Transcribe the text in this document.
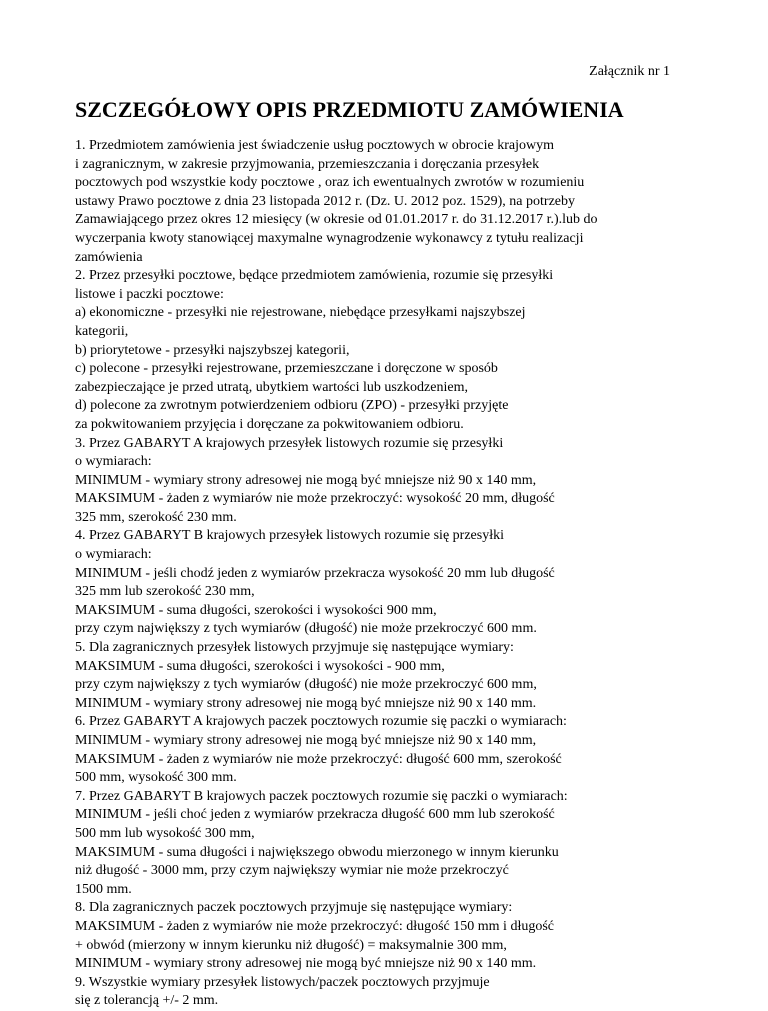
Załącznik nr 1
SZCZEGÓŁOWY OPIS PRZEDMIOTU ZAMÓWIENIA
1. Przedmiotem zamówienia jest świadczenie usług pocztowych w obrocie krajowym
i zagranicznym, w zakresie przyjmowania, przemieszczania i doręczania przesyłek
pocztowych pod wszystkie kody pocztowe , oraz ich ewentualnych zwrotów w rozumieniu
ustawy Prawo pocztowe z dnia 23 listopada 2012 r. (Dz. U. 2012 poz. 1529), na potrzeby
Zamawiającego przez okres 12 miesięcy (w okresie od 01.01.2017 r. do 31.12.2017 r.).lub do
wyczerpania kwoty stanowiącej maxymalne wynagrodzenie wykonawcy z tytułu realizacji
zamówienia
2. Przez przesyłki pocztowe, będące przedmiotem zamówienia, rozumie się przesyłki
listowe i paczki pocztowe:
a) ekonomiczne - przesyłki nie rejestrowane, niebędące przesyłkami najszybszej
kategorii,
b) priorytetowe - przesyłki najszybszej kategorii,
c) polecone - przesyłki rejestrowane, przemieszczane i doręczone w sposób
zabezpieczające je przed utratą, ubytkiem wartości lub uszkodzeniem,
d) polecone za zwrotnym potwierdzeniem odbioru (ZPO) - przesyłki przyjęte
za pokwitowaniem przyjęcia i doręczane za pokwitowaniem odbioru.
3. Przez GABARYT A krajowych przesyłek listowych rozumie się przesyłki
o wymiarach:
MINIMUM - wymiary strony adresowej nie mogą być mniejsze niż 90 x 140 mm,
MAKSIMUM - żaden z wymiarów nie może przekroczyć: wysokość 20 mm, długość
325 mm, szerokość 230 mm.
4. Przez GABARYT B krajowych przesyłek listowych rozumie się przesyłki
o wymiarach:
MINIMUM - jeśli chodź jeden z wymiarów przekracza wysokość 20 mm lub długość
325 mm lub szerokość 230 mm,
MAKSIMUM - suma długości, szerokości i wysokości 900 mm,
przy czym największy z tych wymiarów (długość) nie może przekroczyć 600 mm.
5. Dla zagranicznych przesyłek listowych przyjmuje się następujące wymiary:
MAKSIMUM - suma długości, szerokości i wysokości - 900 mm,
przy czym największy z tych wymiarów (długość) nie może przekroczyć 600 mm,
MINIMUM - wymiary strony adresowej nie mogą być mniejsze niż 90 x 140 mm.
6. Przez GABARYT A krajowych paczek pocztowych rozumie się paczki o wymiarach:
MINIMUM - wymiary strony adresowej nie mogą być mniejsze niż 90 x 140 mm,
MAKSIMUM - żaden z wymiarów nie może przekroczyć: długość 600 mm, szerokość
500 mm, wysokość 300 mm.
7. Przez GABARYT B krajowych paczek pocztowych rozumie się paczki o wymiarach:
MINIMUM - jeśli choć jeden z wymiarów przekracza długość 600 mm lub szerokość
500 mm lub wysokość 300 mm,
MAKSIMUM - suma długości i największego obwodu mierzonego w innym kierunku
niż długość - 3000 mm, przy czym największy wymiar nie może przekroczyć
1500 mm.
8. Dla zagranicznych paczek pocztowych przyjmuje się następujące wymiary:
MAKSIMUM - żaden z wymiarów nie może przekroczyć: długość 150 mm i długość
+ obwód (mierzony w innym kierunku niż długość) = maksymalnie 300 mm,
MINIMUM - wymiary strony adresowej nie mogą być mniejsze niż 90 x 140 mm.
9. Wszystkie wymiary przesyłek listowych/paczek pocztowych przyjmuje
się z tolerancją +/- 2 mm.
